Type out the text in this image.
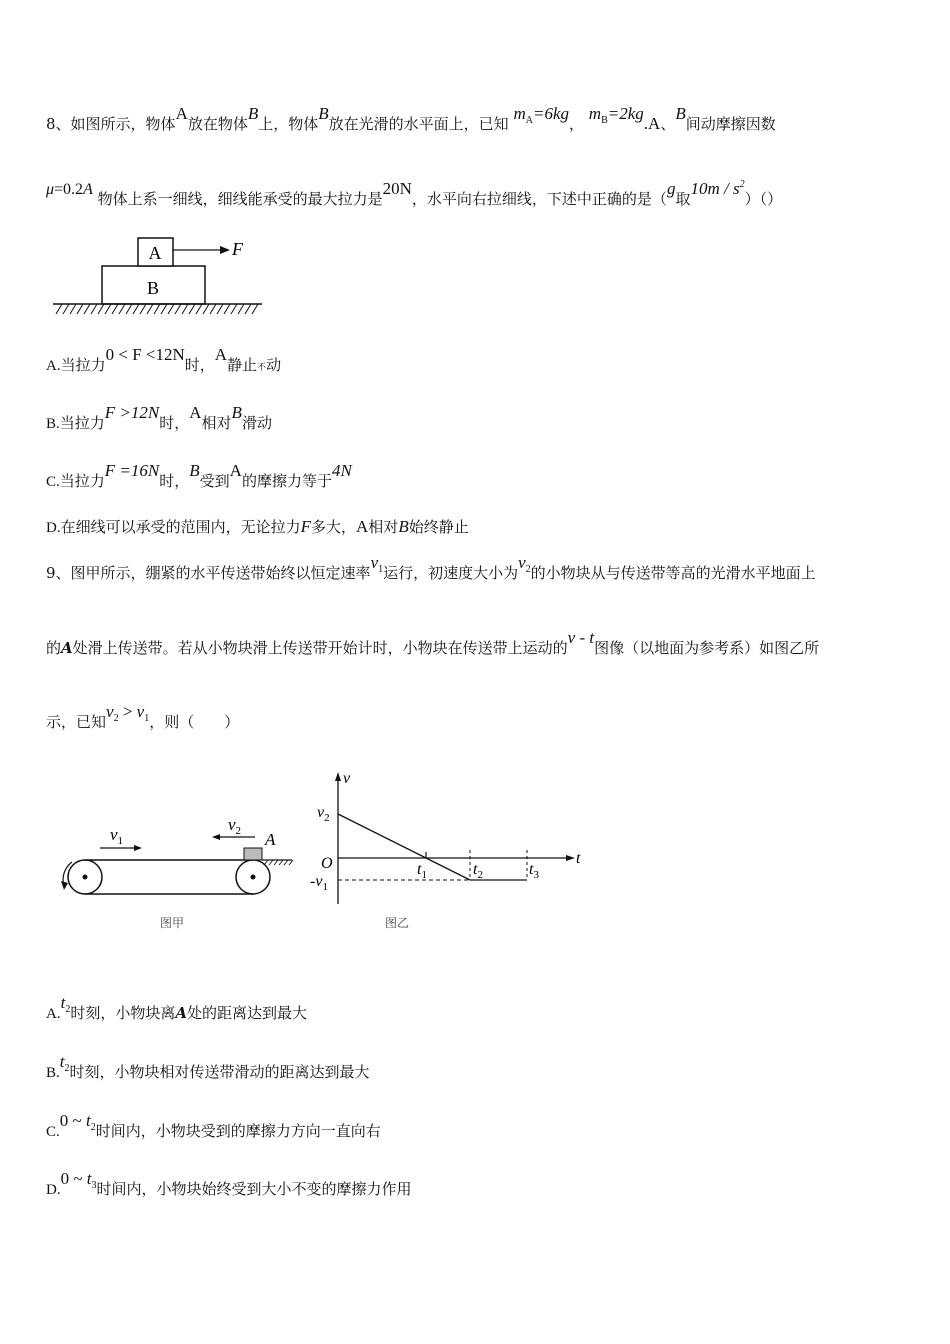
8、如图所示，物体A放在物体B上，物体B放在光滑的水平面上，已知 $m_A=6kg$， $m_B=2kg.A$、B间动摩擦因数
μ=0.2A 物体上系一细线，细线能承受的最大拉力是20N，水平向右拉细线，下述中正确的是（g取$10m / s^2)()$
A
B
F
A.当拉力0 < F <12N时，A静止不动
B.当拉力F >12N时，A相对B滑动
C.当拉力F =16N时，B受到A的摩擦力等于4N
D.在细线可以承受的范围内，无论拉力F多大，A相对B始终静止
9、图甲所示，绷紧的水平传送带始终以恒定速率$v_1$运行，初速度大小为$v_2$的小物块从与传送带等高的光滑水平地面上
的A处滑上传送带。若从小物块滑上传送带开始计时，小物块在传送带上运动的v - t图像（以地面为参考系）如图乙所
示，已知$v_2 > v_1$，则（　　）
$v_1$
$v_2$ A
图甲
v
t
O
$v_2$
$-v_1$
$t_1$	$t_2$	$t_3$
图乙
$A.t_2$时刻，小物块离A处的距离达到最大
$B.t_2$时刻，小物块相对传送带滑动的距离达到最大
C.0 ~ $t_2$时间内，小物块受到的摩擦力方向一直向右
D.0 ~ $t_3$时间内，小物块始终受到大小不变的摩擦力作用
